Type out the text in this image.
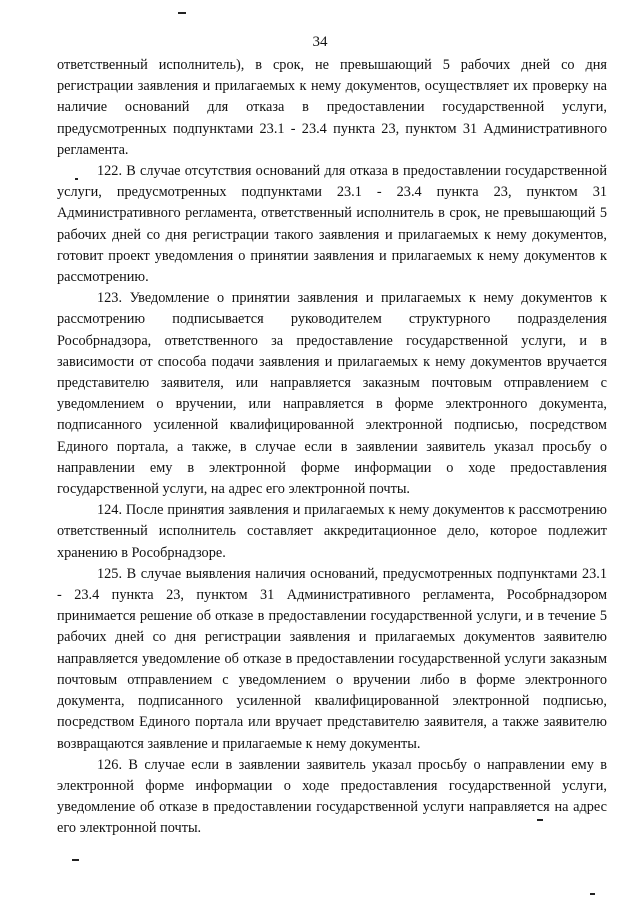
34

ответственный исполнитель), в срок, не превышающий 5 рабочих дней со дня регистрации заявления и прилагаемых к нему документов, осуществляет их проверку на наличие оснований для отказа в предоставлении государственной услуги, предусмотренных подпунктами 23.1 - 23.4 пункта 23, пунктом 31 Административного регламента.

122. В случае отсутствия оснований для отказа в предоставлении государственной услуги, предусмотренных подпунктами 23.1 - 23.4 пункта 23, пунктом 31 Административного регламента, ответственный исполнитель в срок, не превышающий 5 рабочих дней со дня регистрации такого заявления и прилагаемых к нему документов, готовит проект уведомления о принятии заявления и прилагаемых к нему документов к рассмотрению.

123. Уведомление о принятии заявления и прилагаемых к нему документов к рассмотрению подписывается руководителем структурного подразделения Рособрнадзора, ответственного за предоставление государственной услуги, и в зависимости от способа подачи заявления и прилагаемых к нему документов вручается представителю заявителя, или направляется заказным почтовым отправлением с уведомлением о вручении, или направляется в форме электронного документа, подписанного усиленной квалифицированной электронной подписью, посредством Единого портала, а также, в случае если в заявлении заявитель указал просьбу о направлении ему в электронной форме информации о ходе предоставления государственной услуги, на адрес его электронной почты.

124. После принятия заявления и прилагаемых к нему документов к рассмотрению ответственный исполнитель составляет аккредитационное дело, которое подлежит хранению в Рособрнадзоре.

125. В случае выявления наличия оснований, предусмотренных подпунктами 23.1 - 23.4 пункта 23, пунктом 31 Административного регламента, Рособрнадзором принимается решение об отказе в предоставлении государственной услуги, и в течение 5 рабочих дней со дня регистрации заявления и прилагаемых документов заявителю направляется уведомление об отказе в предоставлении государственной услуги заказным почтовым отправлением с уведомлением о вручении либо в форме электронного документа, подписанного усиленной квалифицированной электронной подписью, посредством Единого портала или вручает представителю заявителя, а также заявителю возвращаются заявление и прилагаемые к нему документы.

126. В случае если в заявлении заявитель указал просьбу о направлении ему в электронной форме информации о ходе предоставления государственной услуги, уведомление об отказе в предоставлении государственной услуги направляется на адрес его электронной почты.
